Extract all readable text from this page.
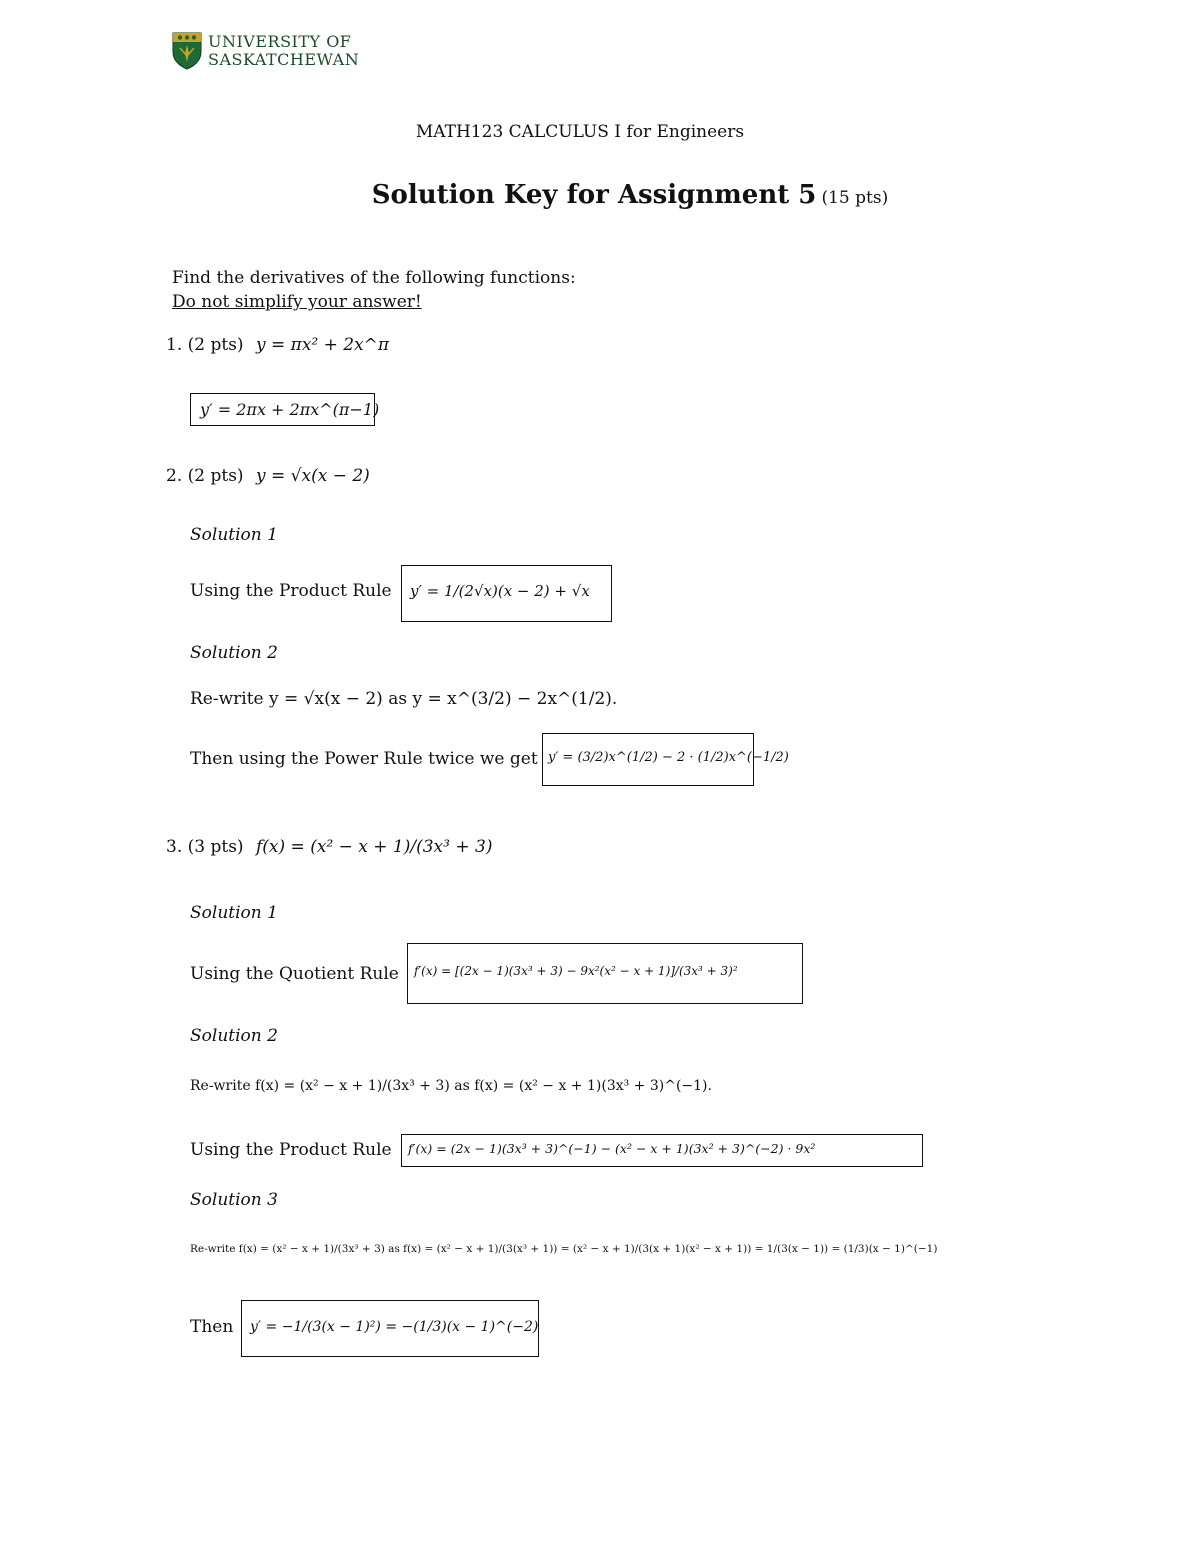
UNIVERSITY OF
SASKATCHEWAN
MATH123 CALCULUS I for Engineers
Solution Key for Assignment 5 (15 pts)
Find the derivatives of the following functions:
Do not simplify your answer!
1. (2 pts) y = πx² + 2x^π
y′ = 2πx + 2πx^(π−1)
2. (2 pts) y = √x(x − 2)
Solution 1
Using the Product Rule y′ = 1/(2√x)(x − 2) + √x
Solution 2
Re-write y = √x(x − 2) as y = x^(3/2) − 2x^(1/2).
Then using the Power Rule twice we get y′ = (3/2)x^(1/2) − 2 · (1/2)x^(−1/2)
3. (3 pts) f(x) = (x² − x + 1)/(3x³ + 3)
Solution 1
Using the Quotient Rule f′(x) = [(2x − 1)(3x³ + 3) − 9x²(x² − x + 1)]/(3x³ + 3)²
Solution 2
Re-write f(x) = (x² − x + 1)/(3x³ + 3) as f(x) = (x² − x + 1)(3x³ + 3)^(−1).
Using the Product Rule f′(x) = (2x − 1)(3x³ + 3)^(−1) − (x² − x + 1)(3x² + 3)^(−2) · 9x²
Solution 3
Re-write f(x) = (x² − x + 1)/(3x³ + 3) as f(x) = (x² − x + 1)/(3(x³ + 1)) = (x² − x + 1)/(3(x + 1)(x² − x + 1)) = 1/(3(x − 1)) = (1/3)(x − 1)^(−1)
Then y′ = −1/(3(x − 1)²) = −(1/3)(x − 1)^(−2)
